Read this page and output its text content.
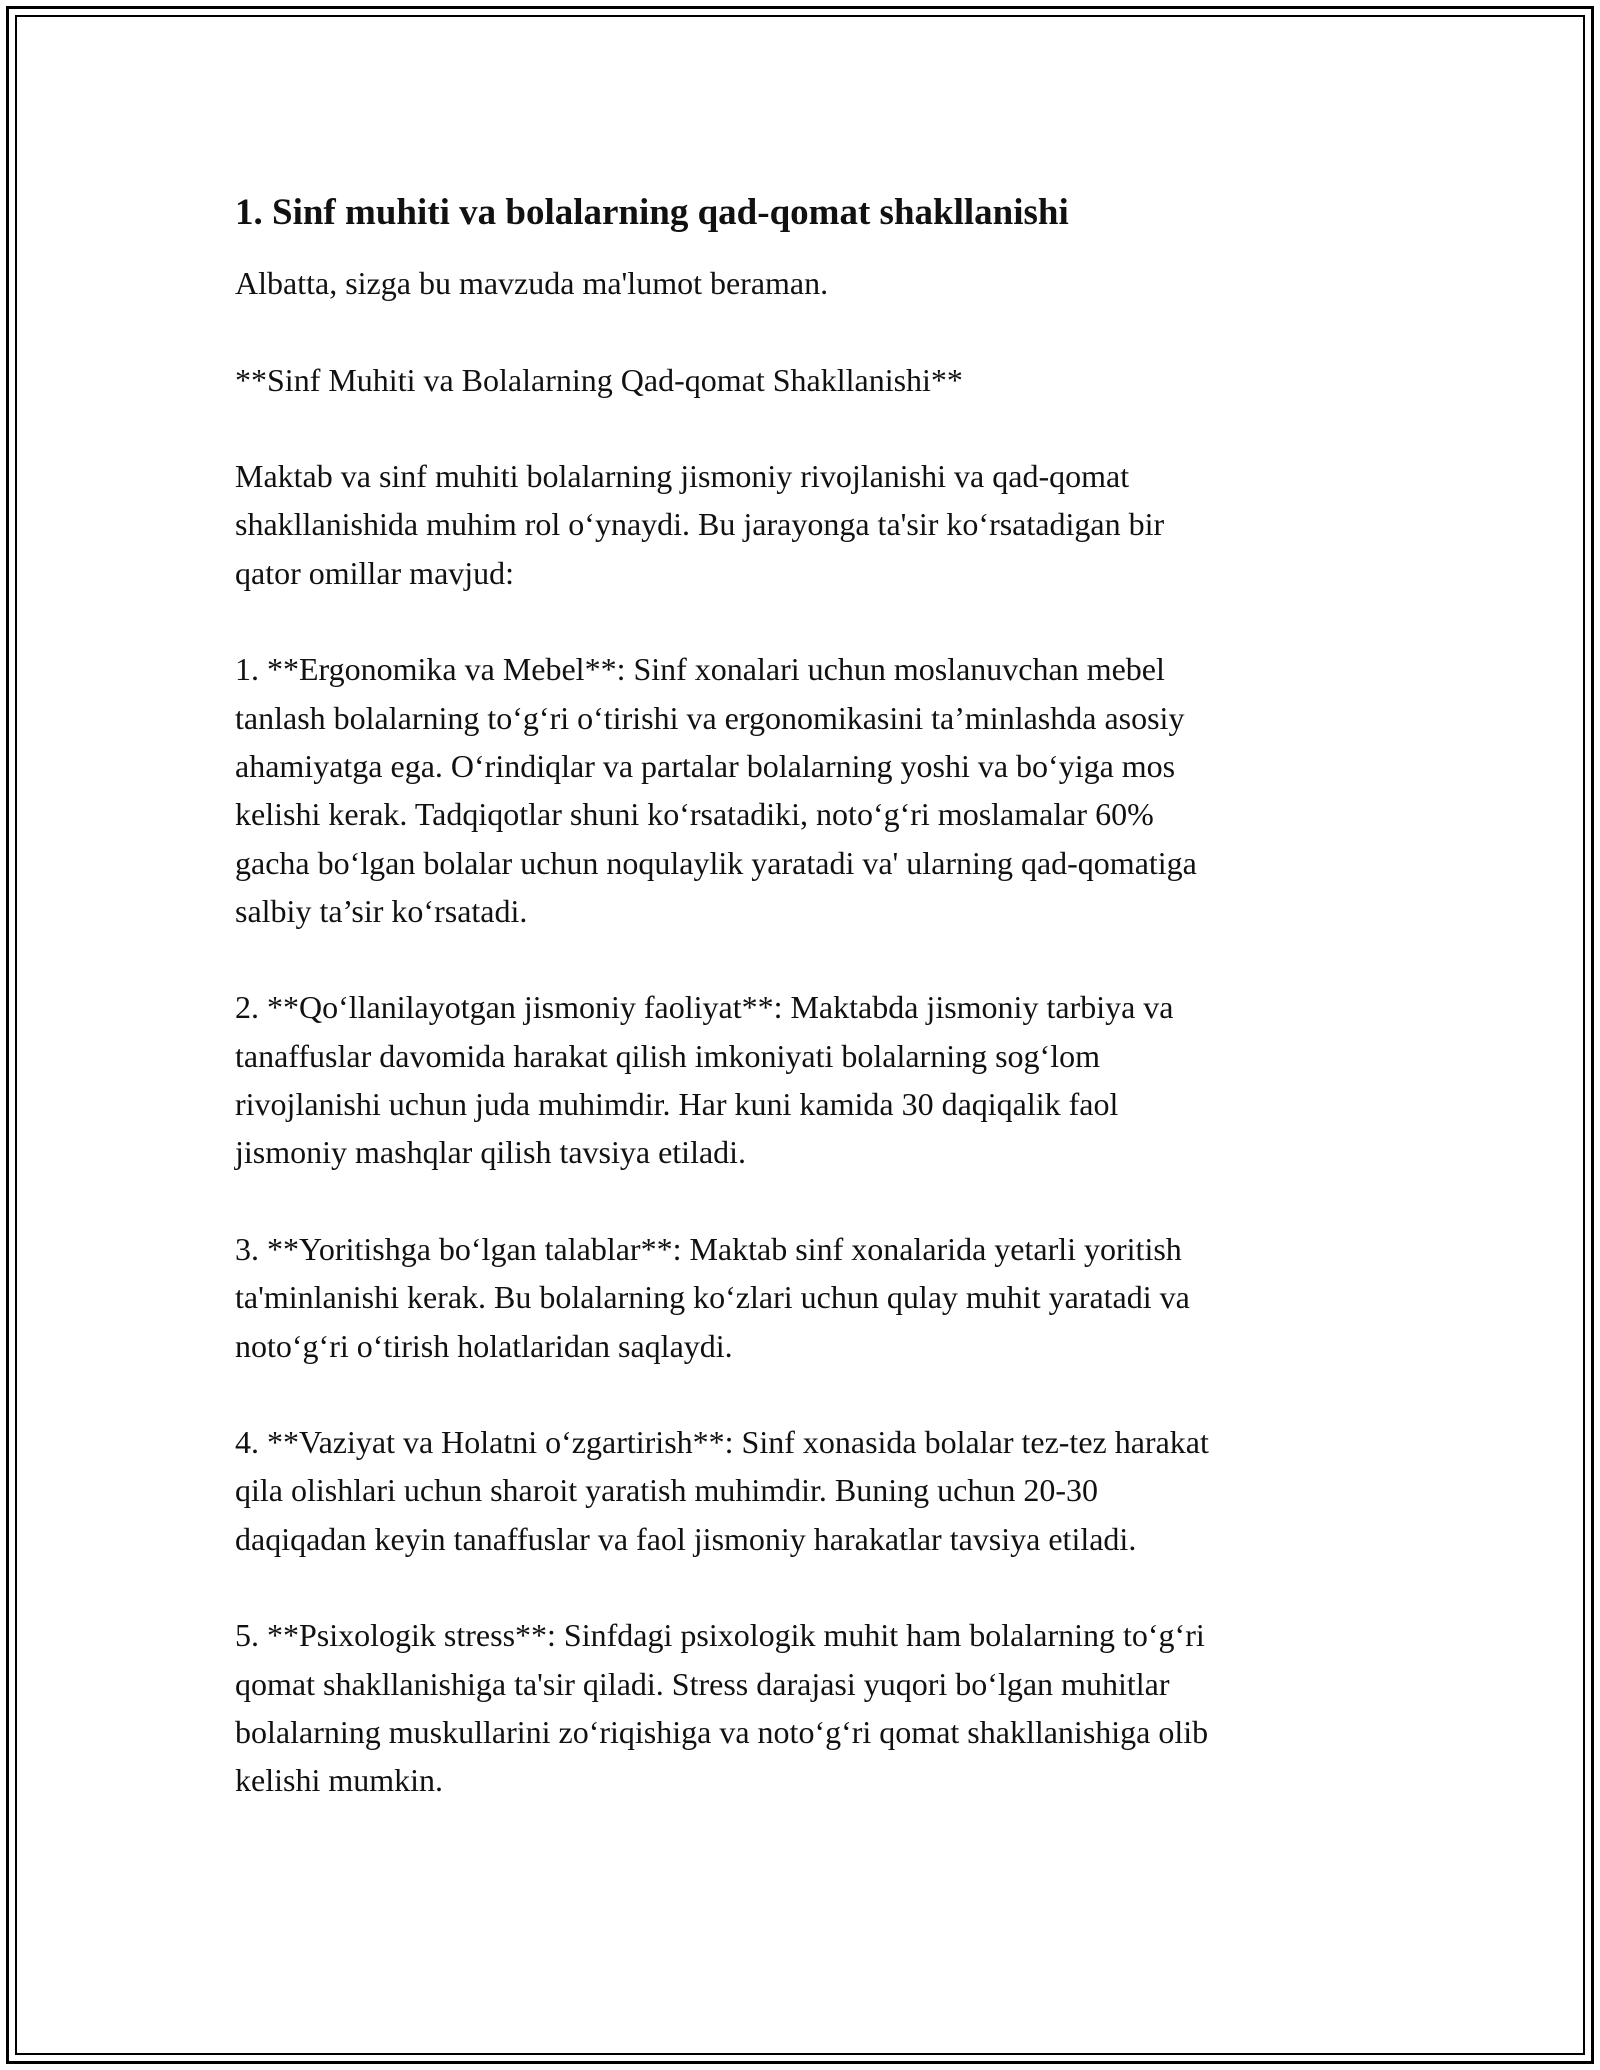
1. Sinf muhiti va bolalarning qad-qomat shakllanishi

Albatta, sizga bu mavzuda ma'lumot beraman.

**Sinf Muhiti va Bolalarning Qad-qomat Shakllanishi**

Maktab va sinf muhiti bolalarning jismoniy rivojlanishi va qad-qomat
shakllanishida muhim rol o‘ynaydi. Bu jarayonga ta'sir ko‘rsatadigan bir
qator omillar mavjud:

1. **Ergonomika va Mebel**: Sinf xonalari uchun moslanuvchan mebel
tanlash bolalarning to‘g‘ri o‘tirishi va ergonomikasini ta’minlashda asosiy
ahamiyatga ega. O‘rindiqlar va partalar bolalarning yoshi va bo‘yiga mos
kelishi kerak. Tadqiqotlar shuni ko‘rsatadiki, noto‘g‘ri moslamalar 60%
gacha bo‘lgan bolalar uchun noqulaylik yaratadi va' ularning qad-qomatiga
salbiy ta’sir ko‘rsatadi.

2. **Qo‘llanilayotgan jismoniy faoliyat**: Maktabda jismoniy tarbiya va
tanaffuslar davomida harakat qilish imkoniyati bolalarning sog‘lom
rivojlanishi uchun juda muhimdir. Har kuni kamida 30 daqiqalik faol
jismoniy mashqlar qilish tavsiya etiladi.

3. **Yoritishga bo‘lgan talablar**: Maktab sinf xonalarida yetarli yoritish
ta'minlanishi kerak. Bu bolalarning ko‘zlari uchun qulay muhit yaratadi va
noto‘g‘ri o‘tirish holatlaridan saqlaydi.

4. **Vaziyat va Holatni o‘zgartirish**: Sinf xonasida bolalar tez-tez harakat
qila olishlari uchun sharoit yaratish muhimdir. Buning uchun 20-30
daqiqadan keyin tanaffuslar va faol jismoniy harakatlar tavsiya etiladi.

5. **Psixologik stress**: Sinfdagi psixologik muhit ham bolalarning to‘g‘ri
qomat shakllanishiga ta'sir qiladi. Stress darajasi yuqori bo‘lgan muhitlar
bolalarning muskullarini zo‘riqishiga va noto‘g‘ri qomat shakllanishiga olib
kelishi mumkin.
